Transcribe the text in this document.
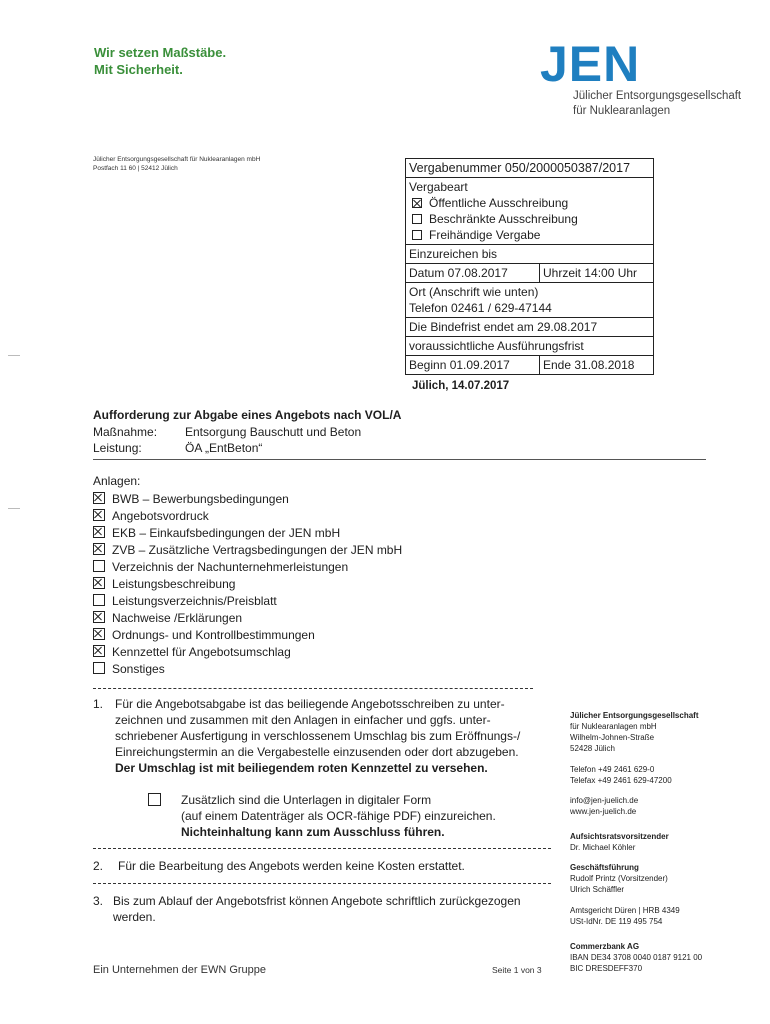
Wir setzen Maßstäbe.
Mit Sicherheit.	JEN
Jülicher Entsorgungsgesellschaft
für Nuklearanlagen
Jülicher Entsorgungsgesellschaft für Nuklearanlagen mbH
Postfach 11 60 | 52412 Jülich	Vergabenummer 050/2000050387/2017
Vergabeart
Öffentliche Ausschreibung
Beschränkte Ausschreibung
Freihändige Vergabe
Einzureichen bis
Datum 07.08.2017	Uhrzeit 14:00 Uhr
Ort (Anschrift wie unten)
Telefon 02461 / 629-47144
Die Bindefrist endet am 29.08.2017
voraussichtliche Ausführungsfrist
Beginn 01.09.2017	Ende 31.08.2018
Jülich, 14.07.2017
Aufforderung zur Abgabe eines Angebots nach VOL/A
Maßnahme:	Entsorgung Bauschutt und Beton
Leistung:	ÖA „EntBeton“
Anlagen:
BWB – Bewerbungsbedingungen
Angebotsvordruck
EKB – Einkaufsbedingungen der JEN mbH
ZVB – Zusätzliche Vertragsbedingungen der JEN mbH
Verzeichnis der Nachunternehmerleistungen
Leistungsbeschreibung
Leistungsverzeichnis/Preisblatt
Nachweise /Erklärungen
Ordnungs- und Kontrollbestimmungen
Kennzettel für Angebotsumschlag
Sonstiges
1. Für die Angebotsabgabe ist das beiliegende Angebotsschreiben zu unter-
zeichnen und zusammen mit den Anlagen in einfacher und ggfs. unter-
schriebener Ausfertigung in verschlossenem Umschlag bis zum Eröffnungs-/
Einreichungstermin an die Vergabestelle einzusenden oder dort abzugeben.
Der Umschlag ist mit beiliegendem roten Kennzettel zu versehen.
Zusätzlich sind die Unterlagen in digitaler Form
(auf einem Datenträger als OCR-fähige PDF) einzureichen.
Nichteinhaltung kann zum Ausschluss führen.
2.	Für die Bearbeitung des Angebots werden keine Kosten erstattet.
3. Bis zum Ablauf der Angebotsfrist können Angebote schriftlich zurückgezogen
werden.
Jülicher Entsorgungsgesellschaft
für Nuklearanlagen mbH
Wilhelm-Johnen-Straße
52428 Jülich
Telefon +49 2461 629-0
Telefax +49 2461 629-47200
info@jen-juelich.de
www.jen-juelich.de
Aufsichtsratsvorsitzender
Dr. Michael Köhler
Geschäftsführung
Rudolf Printz (Vorsitzender)
Ulrich Schäffler
Amtsgericht Düren | HRB 4349
USt-IdNr. DE 119 495 754
Commerzbank AG
IBAN DE34 3708 0040 0187 9121 00
BIC DRESDEFF370
Ein Unternehmen der EWN Gruppe	Seite 1 von 3
